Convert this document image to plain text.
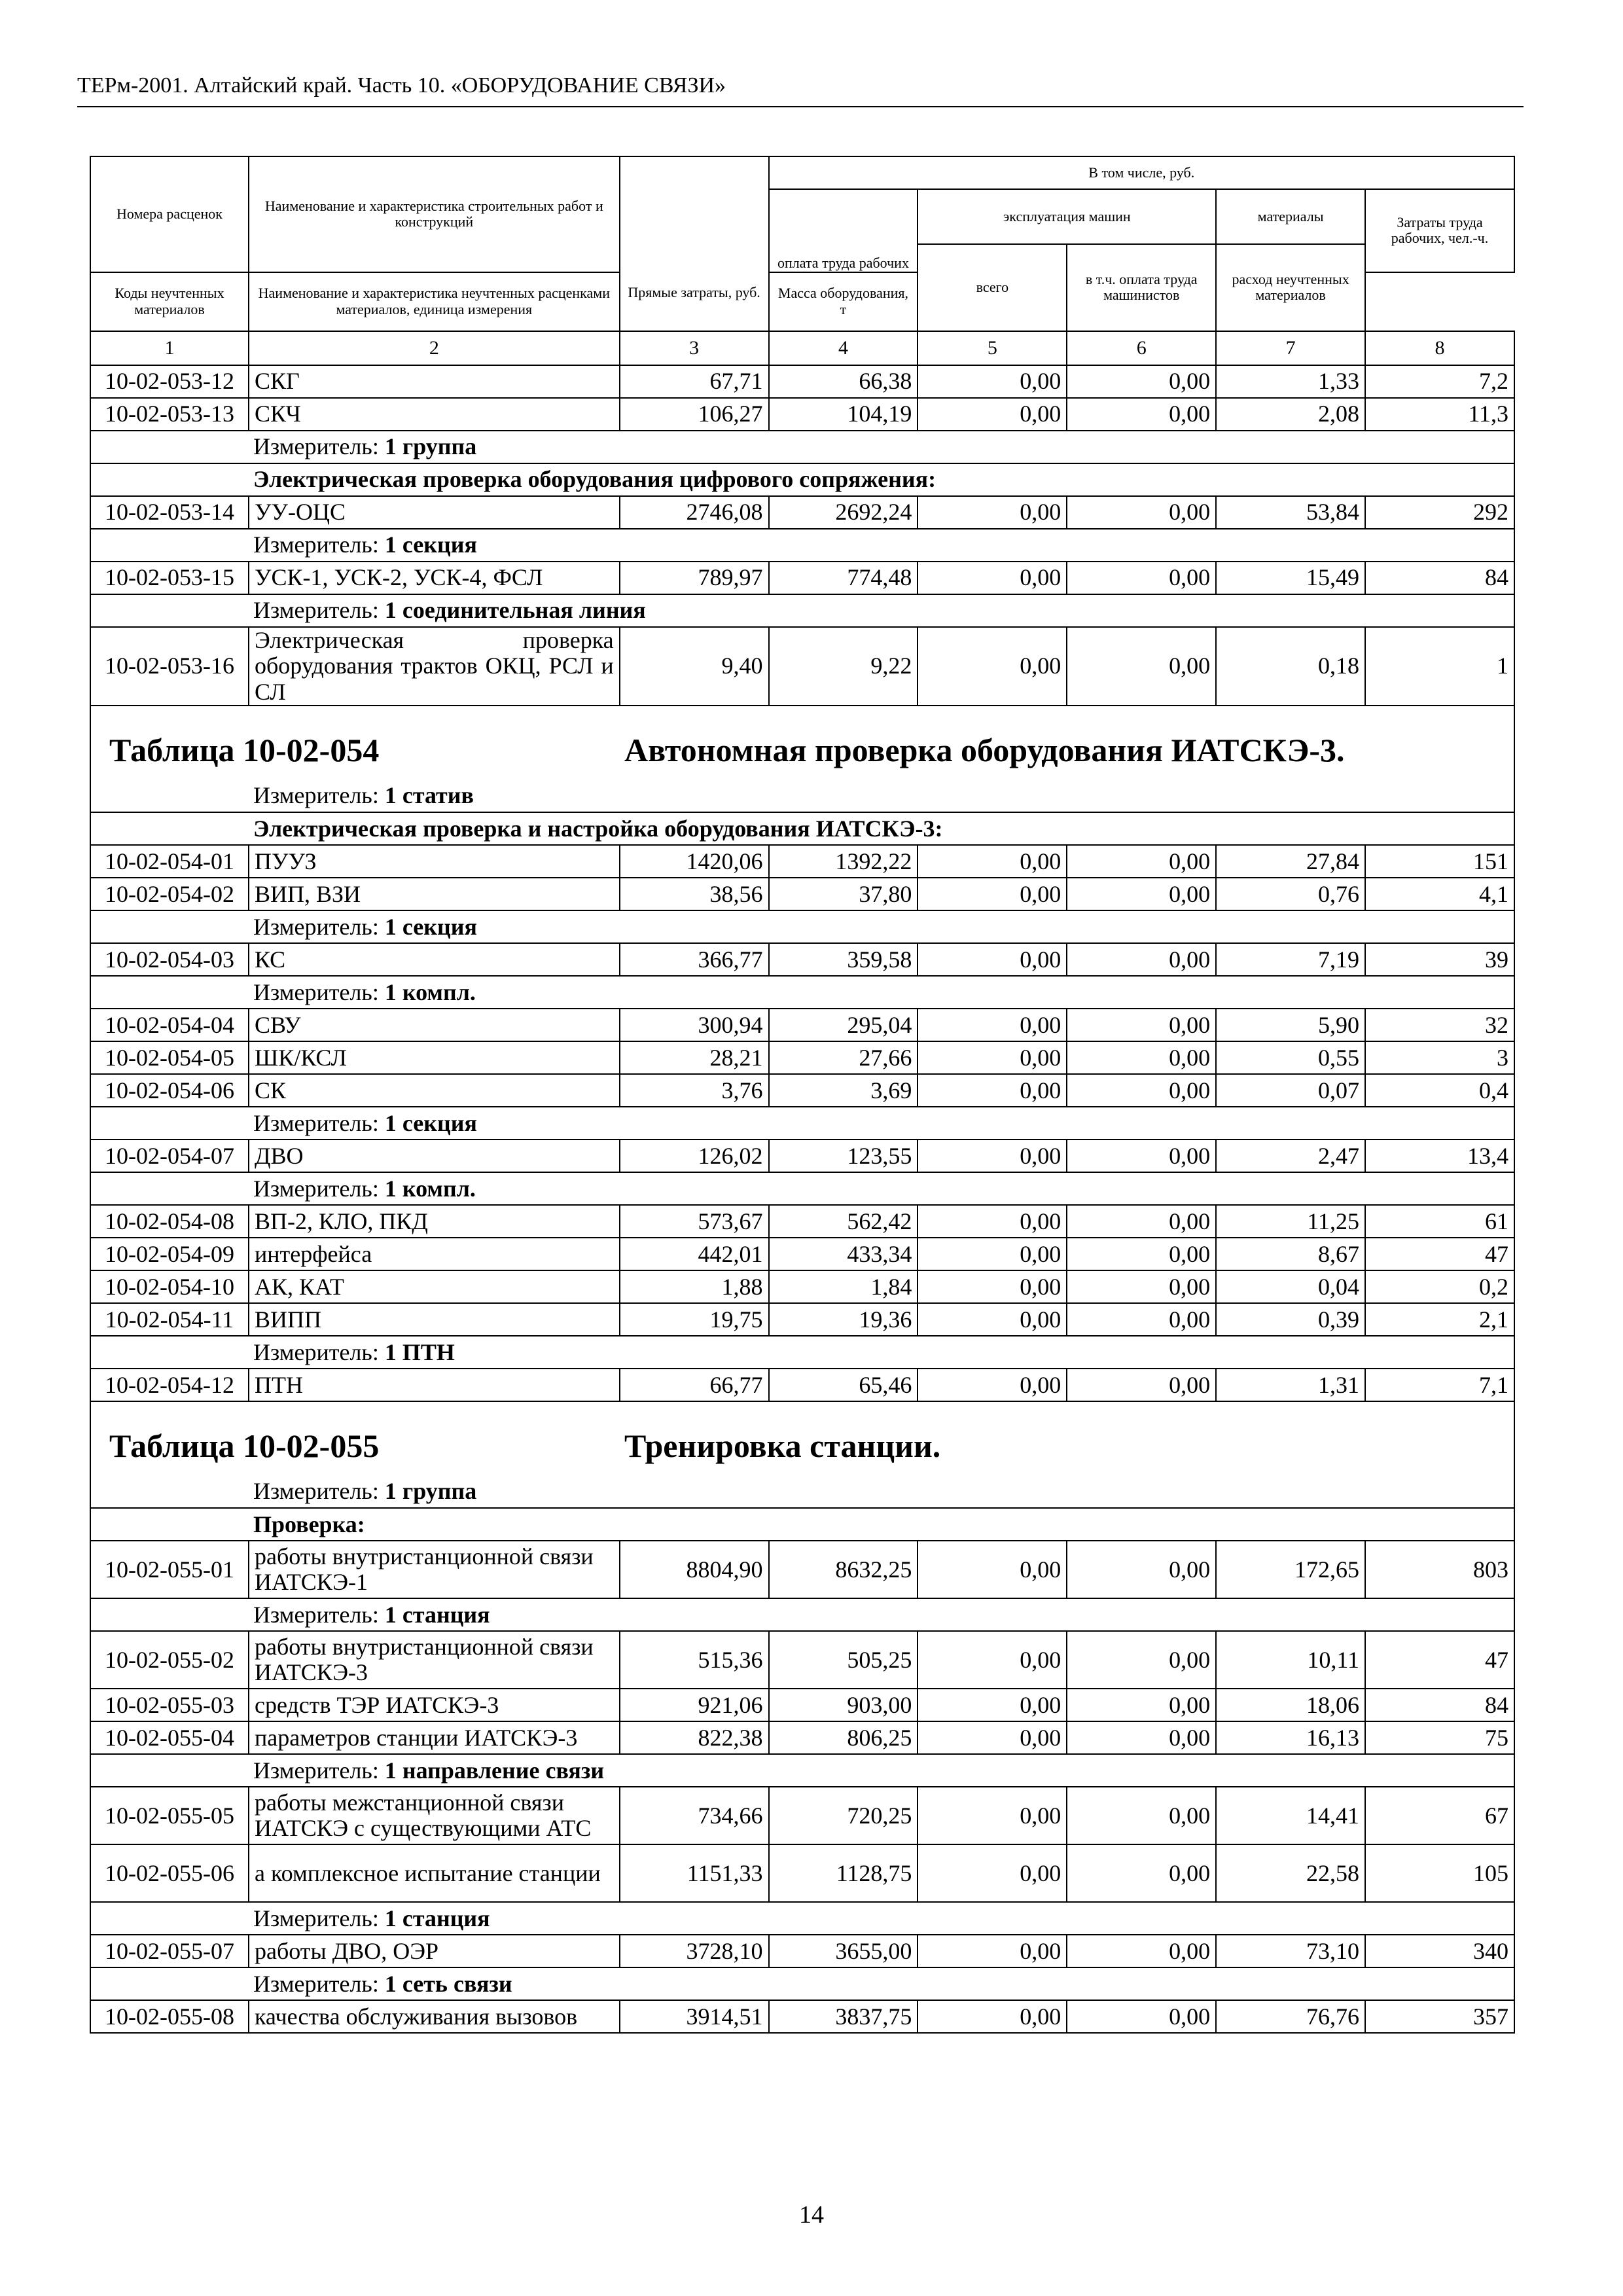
ТЕРм-2001. Алтайский край. Часть 10. «ОБОРУДОВАНИЕ СВЯЗИ»
Номера расценок	Наименование и характеристика строительных работ и конструкций	Прямые затраты, руб.	В том числе, руб.				

			оплата труда рабочих	эксплуатация машин		материалы	Затраты труда рабочих, чел.-ч.
				всего	в т.ч. оплата труда машинистов	расход неучтенных материалов	
Коды неучтенных материалов	Наименование и характеристика неучтенных расценками материалов, единица измерения		Масса оборудования, т				
1	2	3	4	5	6	7	8
10-02-053-12	СКГ	67,71	66,38	0,00	0,00	1,33	7,2
10-02-053-13	СКЧ	106,27	104,19	0,00	0,00	2,08	11,3
Измеритель: 1 группа							
Электрическая проверка оборудования цифрового сопряжения:							
10-02-053-14	УУ-ОЦС	2746,08	2692,24	0,00	0,00	53,84	292
Измеритель: 1 секция							
10-02-053-15	УСК-1, УСК-2, УСК-4, ФСЛ	789,97	774,48	0,00	0,00	15,49	84
Измеритель: 1 соединительная линия							
10-02-053-16	Электрическая проверка оборудования трактов ОКЦ, РСЛ и СЛ	9,40	9,22	0,00	0,00	0,18	1

Таблица 10-02-054 Автономная проверка оборудования ИАТСКЭ-3.							

Измеритель: 1 статив							
Электрическая проверка и настройка оборудования ИАТСКЭ-3:							
10-02-054-01	ПУУЗ	1420,06	1392,22	0,00	0,00	27,84	151
10-02-054-02	ВИП, ВЗИ	38,56	37,80	0,00	0,00	0,76	4,1
Измеритель: 1 секция							
10-02-054-03	КС	366,77	359,58	0,00	0,00	7,19	39
Измеритель: 1 компл.							
10-02-054-04	СВУ	300,94	295,04	0,00	0,00	5,90	32
10-02-054-05	ШК/КСЛ	28,21	27,66	0,00	0,00	0,55	3
10-02-054-06	СК	3,76	3,69	0,00	0,00	0,07	0,4
Измеритель: 1 секция							
10-02-054-07	ДВО	126,02	123,55	0,00	0,00	2,47	13,4
Измеритель: 1 компл.							
10-02-054-08	ВП-2, КЛО, ПКД	573,67	562,42	0,00	0,00	11,25	61
10-02-054-09	интерфейса	442,01	433,34	0,00	0,00	8,67	47
10-02-054-10	АК, КАТ	1,88	1,84	0,00	0,00	0,04	0,2
10-02-054-11	ВИПП	19,75	19,36	0,00	0,00	0,39	2,1
Измеритель: 1 ПТН							
10-02-054-12	ПТН	66,77	65,46	0,00	0,00	1,31	7,1

Таблица 10-02-055 Тренировка станции.							

Измеритель: 1 группа							
Проверка:							
10-02-055-01	работы внутристанционной связи ИАТСКЭ-1	8804,90	8632,25	0,00	0,00	172,65	803
Измеритель: 1 станция							
10-02-055-02	работы внутристанционной связи ИАТСКЭ-3	515,36	505,25	0,00	0,00	10,11	47
10-02-055-03	средств ТЭР ИАТСКЭ-3	921,06	903,00	0,00	0,00	18,06	84
10-02-055-04	параметров станции ИАТСКЭ-3	822,38	806,25	0,00	0,00	16,13	75
Измеритель: 1 направление связи							
10-02-055-05	работы межстанционной связи ИАТСКЭ с существующими АТС	734,66	720,25	0,00	0,00	14,41	67
10-02-055-06	а комплексное испытание станции	1151,33	1128,75	0,00	0,00	22,58	105
Измеритель: 1 станция							
10-02-055-07	работы ДВО, ОЭР	3728,10	3655,00	0,00	0,00	73,10	340
Измеритель: 1 сеть связи							
10-02-055-08	качества обслуживания вызовов	3914,51	3837,75	0,00	0,00	76,76	357
14
